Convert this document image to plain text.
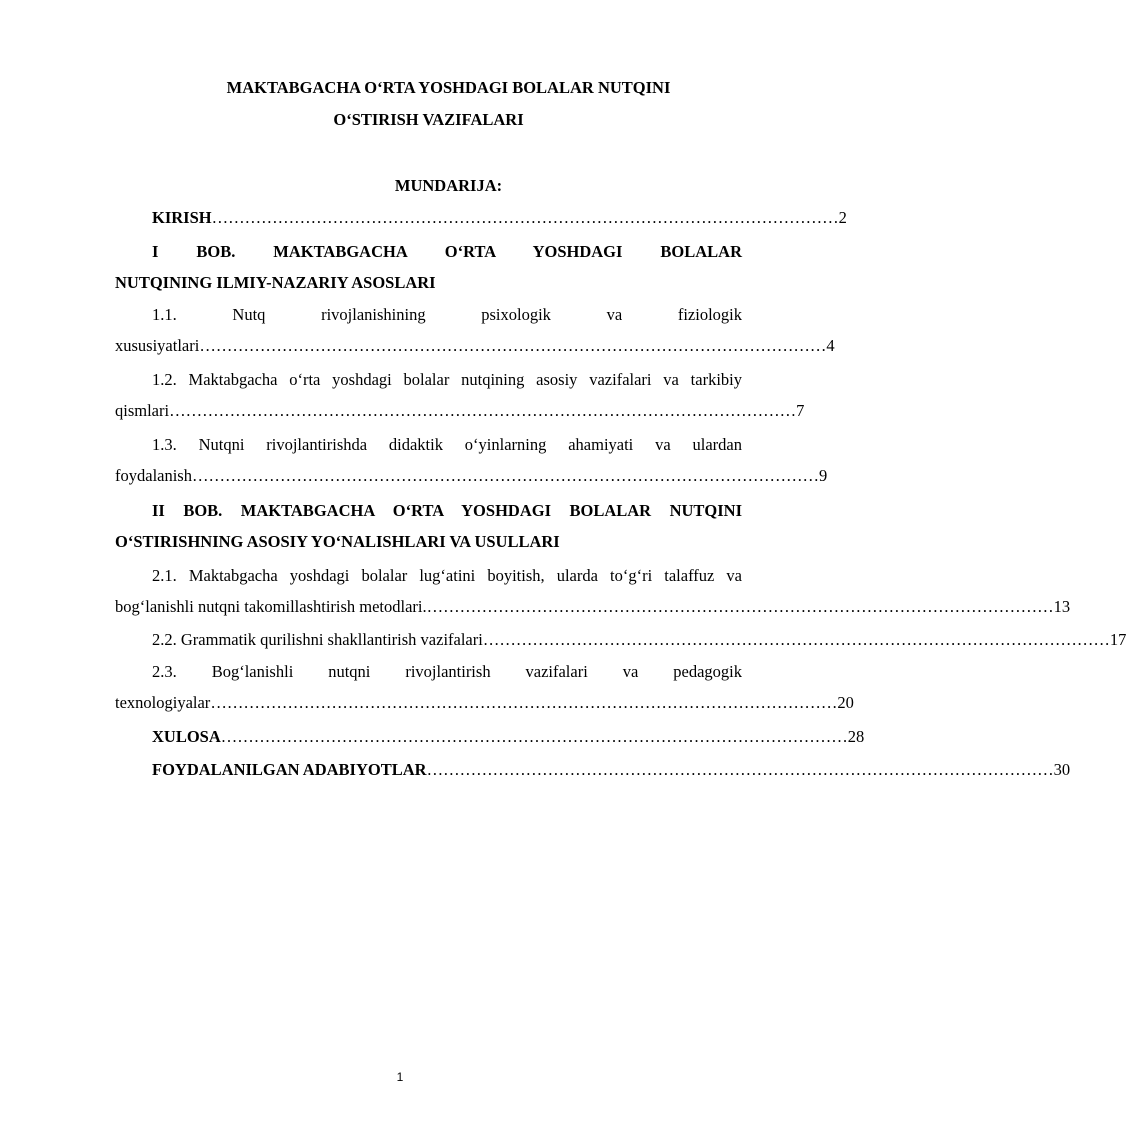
MAKTABGACHA O‘RTA YOSHDAGI BOLALAR NUTQINI
O‘STIRISH VAZIFALARI
MUNDARIJA:
KIRISH …………………………………………………………………………………………………… 2
I BOB. MAKTABGACHA O‘RTA YOSHDAGI BOLALAR
NUTQINING ILMIY-NAZARIY ASOSLARI
1.1. Nutq rivojlanishining psixologik va fiziologik
xususiyatlari …………………………………………………………………………………………………… 4
1.2. Maktabgacha o‘rta yoshdagi bolalar nutqining asosiy vazifalari va tarkibiy
qismlari …………………………………………………………………………………………………… 7
1.3. Nutqni rivojlantirishda didaktik o‘yinlarning ahamiyati va ulardan
foydalanish …………………………………………………………………………………………………… 9
II BOB. MAKTABGACHA O‘RTA YOSHDAGI BOLALAR NUTQINI
O‘STIRISHNING ASOSIY YO‘NALISHLARI VA USULLARI
2.1. Maktabgacha yoshdagi bolalar lug‘atini boyitish, ularda to‘g‘ri talaffuz va
bog‘lanishli nutqni takomillashtirish metodlari. …………………………………………………………………………………………………… 13
2.2. Grammatik qurilishni shakllantirish vazifalari …………………………………………………………………………………………………… 17
2.3. Bog‘lanishli nutqni rivojlantirish vazifalari va pedagogik
texnologiyalar …………………………………………………………………………………………………… 20
XULOSA …………………………………………………………………………………………………… 28
FOYDALANILGAN ADABIYOTLAR …………………………………………………………………………………………………… 30
1
